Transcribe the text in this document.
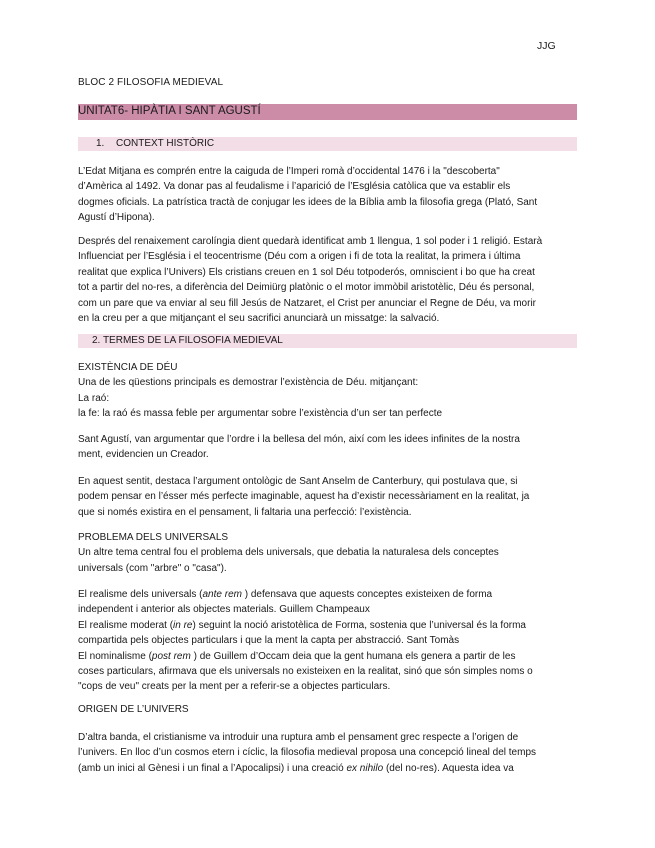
JJG
BLOC 2 FILOSOFIA MEDIEVAL
UNITAT6- HIPÀTIA I SANT AGUSTÍ
1. CONTEXT HISTÒRIC
L’Edat Mitjana es comprén entre la caiguda de l’Imperi romà d’occidental 1476 i la "descoberta"
d’Amèrica al 1492. Va donar pas al feudalisme i l’aparició de l’Església catòlica que va establir els
dogmes oficials. La patrística tractà de conjugar les idees de la Bíblia amb la filosofia grega (Plató, Sant
Agustí d’Hipona).
Després del renaixement carolíngia dient quedarà identificat amb 1 llengua, 1 sol poder i 1 religió. Estarà
Influenciat per l’Església i el teocentrisme (Déu com a origen i fi de tota la realitat, la primera i última
realitat que explica l’Univers) Els cristians creuen en 1 sol Déu totpoderós, omniscient i bo que ha creat
tot a partir del no-res, a diferència del Deimiürg platònic o el motor immòbil aristotèlic, Déu és personal,
com un pare que va enviar al seu fill Jesús de Natzaret, el Crist per anunciar el Regne de Déu, va morir
en la creu per a que mitjançant el seu sacrifici anunciarà un missatge: la salvació.
2. TERMES DE LA FILOSOFIA MEDIEVAL
EXISTÈNCIA DE DÉU
Una de les qüestions principals es demostrar l’existència de Déu. mitjançant:
La raó:
la fe: la raó és massa feble per argumentar sobre l’existència d’un ser tan perfecte
Sant Agustí, van argumentar que l’ordre i la bellesa del món, així com les idees infinites de la nostra
ment, evidencien un Creador.
En aquest sentit, destaca l’argument ontològic de Sant Anselm de Canterbury, qui postulava que, si
podem pensar en l’ésser més perfecte imaginable, aquest ha d’existir necessàriament en la realitat, ja
que si només existira en el pensament, li faltaria una perfecció: l’existència.
PROBLEMA DELS UNIVERSALS
Un altre tema central fou el problema dels universals, que debatia la naturalesa dels conceptes
universals (com "arbre" o "casa").
El realisme dels universals (ante rem ) defensava que aquests conceptes existeixen de forma
independent i anterior als objectes materials. Guillem Champeaux
El realisme moderat (in re) seguint la noció aristotèlica de Forma, sostenia que l’universal és la forma
compartida pels objectes particulars i que la ment la capta per abstracció. Sant Tomàs
El nominalisme (post rem ) de Guillem d’Occam deia que la gent humana els genera a partir de les
coses particulars, afirmava que els universals no existeixen en la realitat, sinó que són simples noms o
"cops de veu" creats per la ment per a referir-se a objectes particulars.
ORIGEN DE L’UNIVERS
D’altra banda, el cristianisme va introduir una ruptura amb el pensament grec respecte a l’origen de
l’univers. En lloc d’un cosmos etern i cíclic, la filosofia medieval proposa una concepció lineal del temps
(amb un inici al Gènesi i un final a l’Apocalipsi) i una creació ex nihilo (del no-res). Aquesta idea va
